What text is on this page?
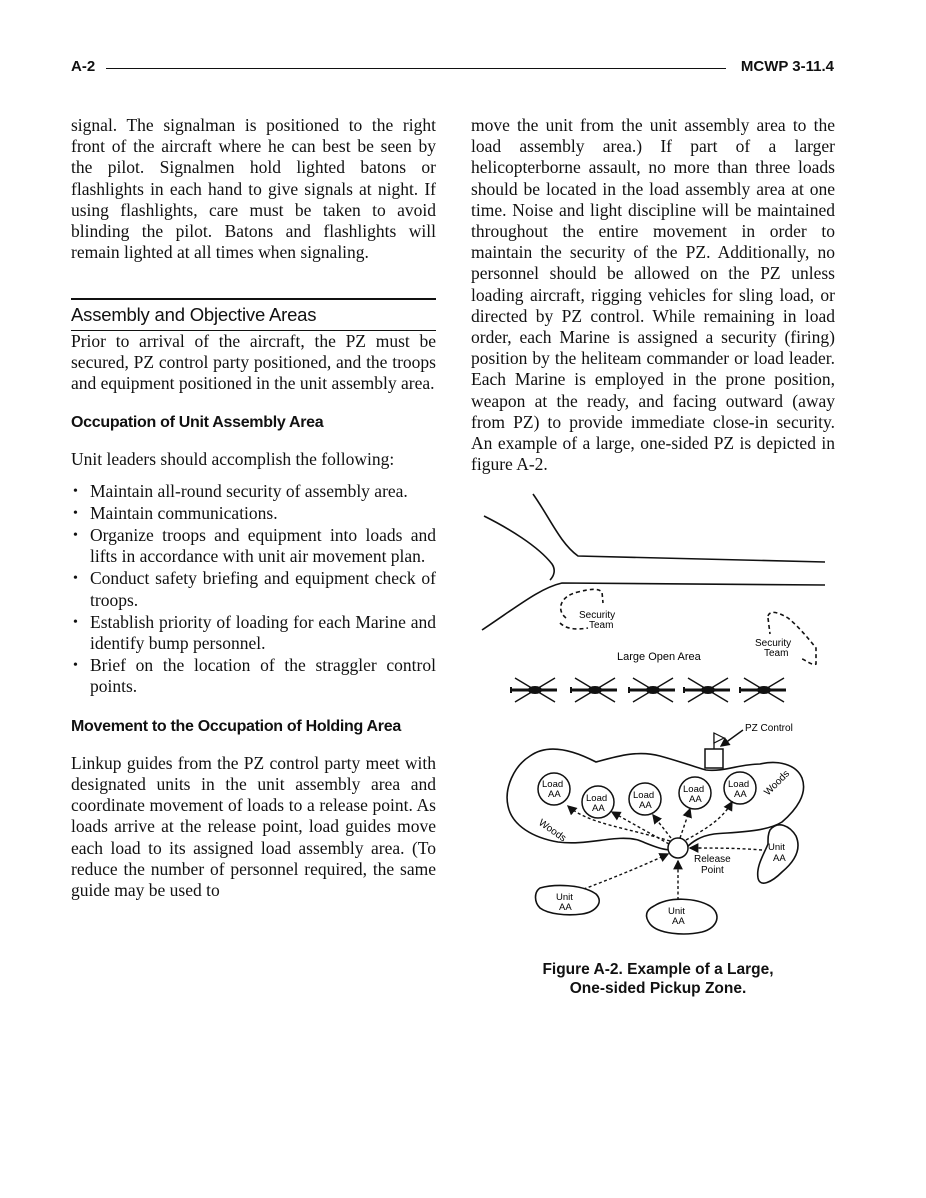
A-2	MCWP 3-11.4

signal. The signalman is positioned to the right front of the aircraft where he can best be seen by the pilot. Signalmen hold lighted batons or flashlights in each hand to give signals at night. If using flashlights, care must be taken to avoid blinding the pilot. Batons and flashlights will remain lighted at all times when signaling.

Assembly and Objective Areas

Prior to arrival of the aircraft, the PZ must be secured, PZ control party positioned, and the troops and equipment positioned in the unit assembly area.

Occupation of Unit Assembly Area

Unit leaders should accomplish the following:

• Maintain all-round security of assembly area.
• Maintain communications.
• Organize troops and equipment into loads and lifts in accordance with unit air movement plan.
• Conduct safety briefing and equipment check of troops.
• Establish priority of loading for each Marine and identify bump personnel.
• Brief on the location of the straggler control points.
Movement to the Occupation of Holding Area

Linkup guides from the PZ control party meet with designated units in the unit assembly area and coordinate movement of loads to a release point. As loads arrive at the release point, load guides move each load to its assigned load assembly area. (To reduce the number of personnel required, the same guide may be used to

move the unit from the unit assembly area to the load assembly area.) If part of a larger helicopterborne assault, no more than three loads should be located in the load assembly area at one time. Noise and light discipline will be maintained throughout the entire movement in order to maintain the security of the PZ. Additionally, no personnel should be allowed on the PZ unless loading aircraft, rigging vehicles for sling load, or directed by PZ control. While remaining in load order, each Marine is assigned a security (firing) position by the heliteam commander or load leader. Each Marine is employed in the prone position, weapon at the ready, and facing outward (away from PZ) to provide immediate close-in security. An example of a large, one-sided PZ is depicted in figure A-2.

Security
Team
Security
Team
Large Open Area
PZ Control
Woods
Woods
Load
AA	Load
AA
Load
AA
Load
AA
Load
AA
Release
Point
Unit
AA
Unit
AA	Unit
AA
Figure A-2. Example of a Large,
One-sided Pickup Zone.
